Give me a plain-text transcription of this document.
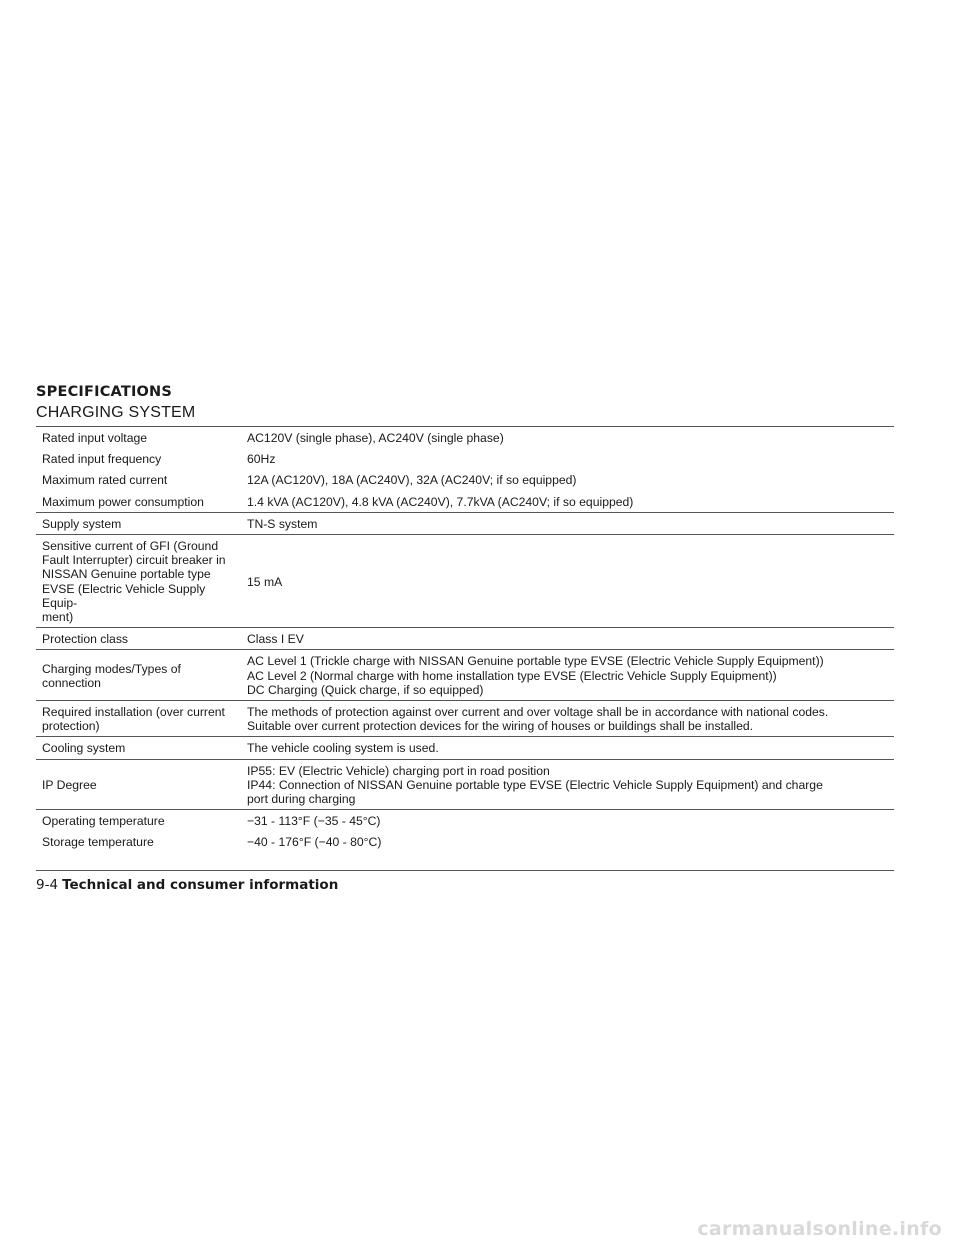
SPECIFICATIONS
CHARGING SYSTEM
Rated input voltage	AC120V (single phase), AC240V (single phase)
Rated input frequency	60Hz
Maximum rated current	12A (AC120V), 18A (AC240V), 32A (AC240V; if so equipped)
Maximum power consumption	1.4 kVA (AC120V), 4.8 kVA (AC240V), 7.7kVA (AC240V; if so equipped)
Supply system	TN-S system
Sensitive current of GFI (Ground
Fault Interrupter) circuit breaker in
NISSAN Genuine portable type
EVSE (Electric Vehicle Supply Equip-
ment)	15 mA
Protection class	Class I EV
Charging modes/Types of connection	AC Level 1 (Trickle charge with NISSAN Genuine portable type EVSE (Electric Vehicle Supply Equipment))
AC Level 2 (Normal charge with home installation type EVSE (Electric Vehicle Supply Equipment))
DC Charging (Quick charge, if so equipped)
Required installation (over current
protection)	The methods of protection against over current and over voltage shall be in accordance with national codes.
Suitable over current protection devices for the wiring of houses or buildings shall be installed.
Cooling system	The vehicle cooling system is used.
IP Degree	IP55: EV (Electric Vehicle) charging port in road position
IP44: Connection of NISSAN Genuine portable type EVSE (Electric Vehicle Supply Equipment) and charge
port during charging
Operating temperature	−31 - 113°F (−35 - 45°C)
Storage temperature	−40 - 176°F (−40 - 80°C)
9-4 Technical and consumer information
carmanualsonline.info
